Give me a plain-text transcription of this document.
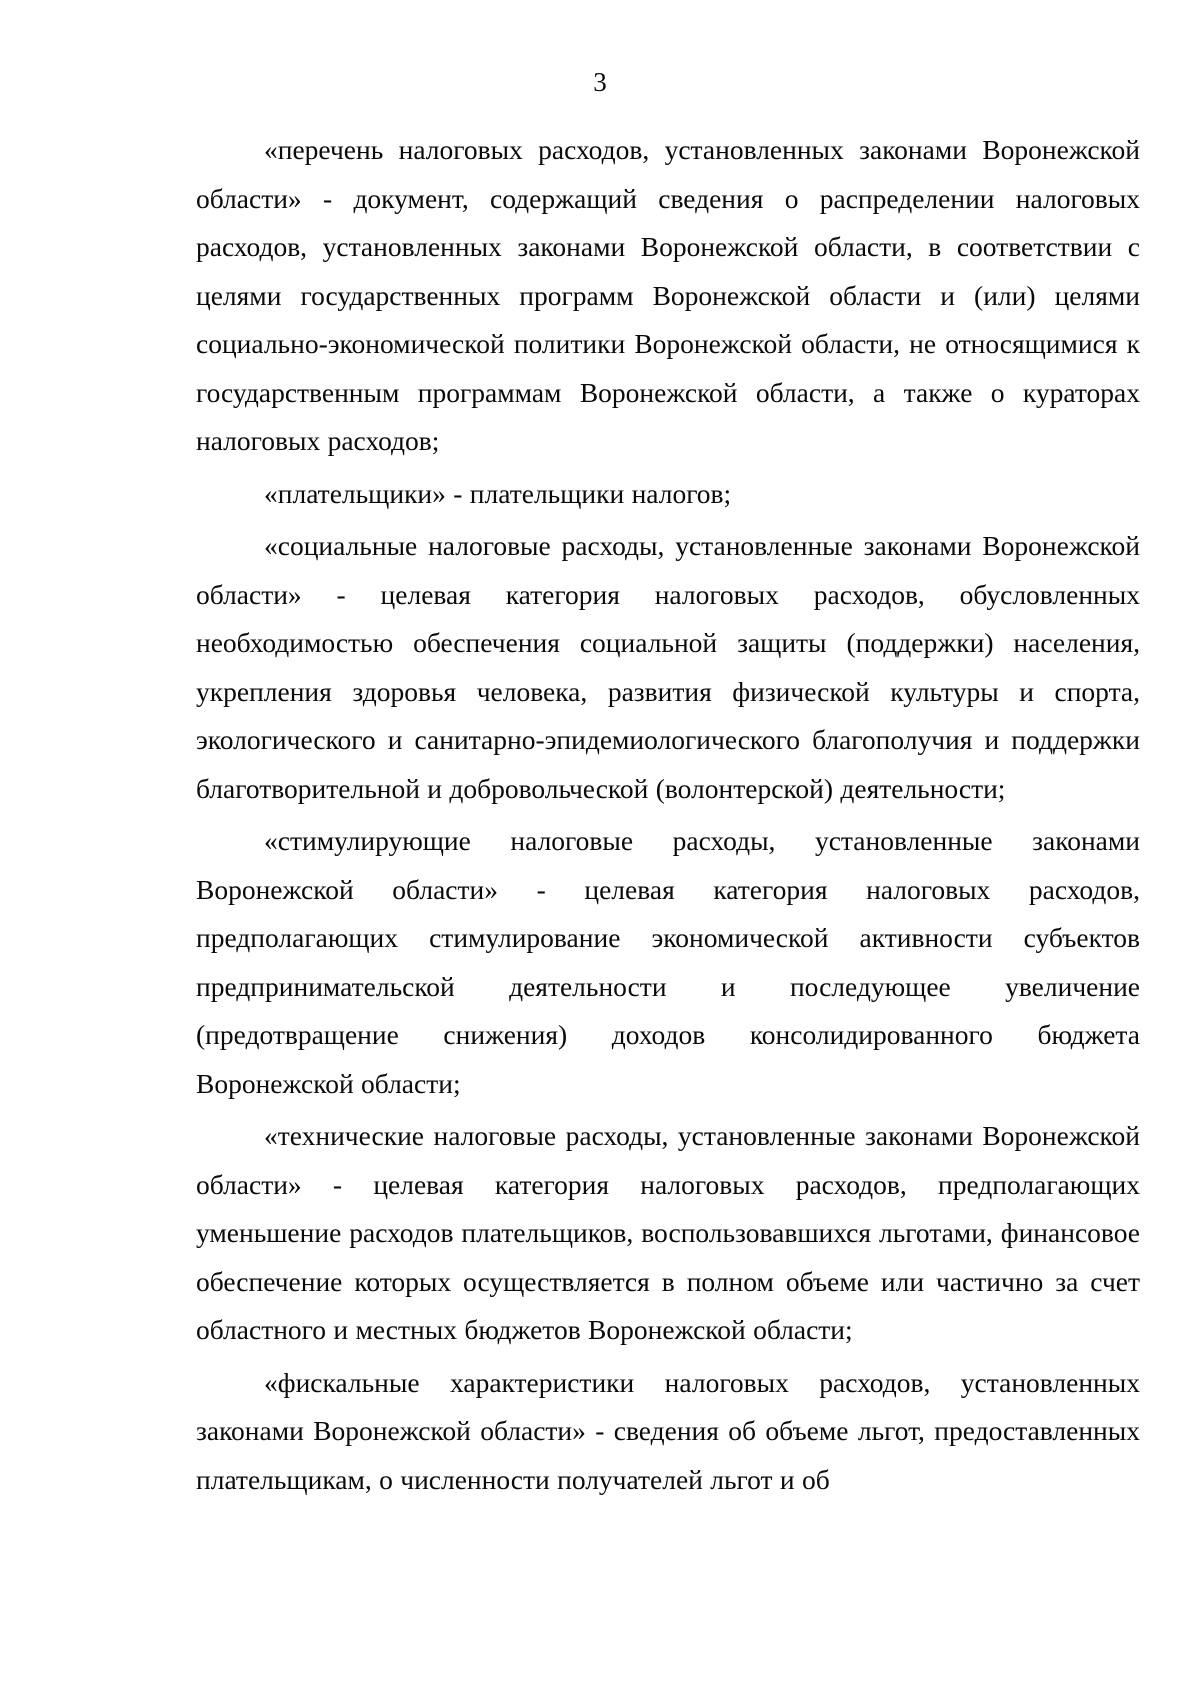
3

«перечень налоговых расходов, установленных законами Воронежской области» - документ, содержащий сведения о распределении налоговых расходов, установленных законами Воронежской области, в соответствии с целями государственных программ Воронежской области и (или) целями социально-экономической политики Воронежской области, не относящимися к государственным программам Воронежской области, а также о кураторах налоговых расходов;

«плательщики» - плательщики налогов;

«социальные налоговые расходы, установленные законами Воронежской области» - целевая категория налоговых расходов, обусловленных необходимостью обеспечения социальной защиты (поддержки) населения, укрепления здоровья человека, развития физической культуры и спорта, экологического и санитарно-эпидемиологического благополучия и поддержки благотворительной и добровольческой (волонтерской) деятельности;

«стимулирующие налоговые расходы, установленные законами Воронежской области» - целевая категория налоговых расходов, предполагающих стимулирование экономической активности субъектов предпринимательской деятельности и последующее увеличение (предотвращение снижения) доходов консолидированного бюджета Воронежской области;

«технические налоговые расходы, установленные законами Воронежской области» - целевая категория налоговых расходов, предполагающих уменьшение расходов плательщиков, воспользовавшихся льготами, финансовое обеспечение которых осуществляется в полном объеме или частично за счет областного и местных бюджетов Воронежской области;

«фискальные характеристики налоговых расходов, установленных законами Воронежской области» - сведения об объеме льгот, предоставленных плательщикам, о численности получателей льгот и об
